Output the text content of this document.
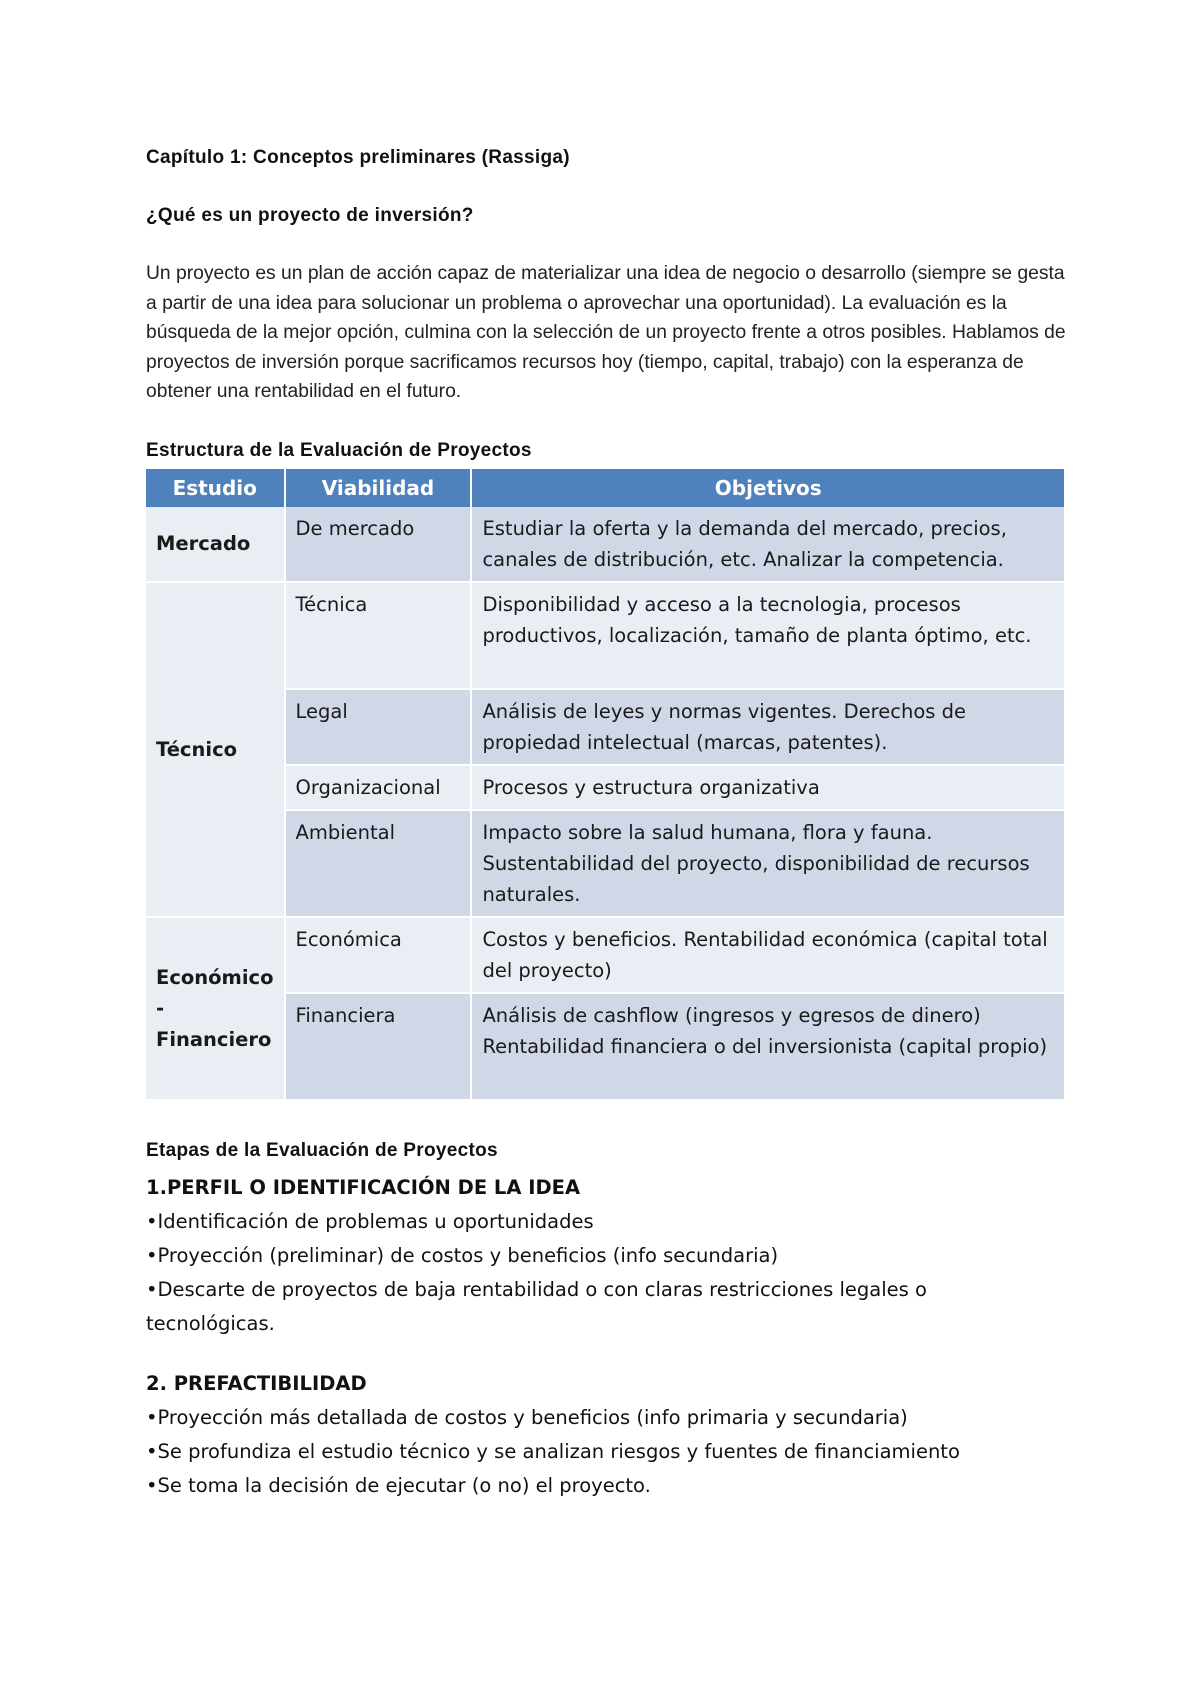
Capítulo 1: Conceptos preliminares (Rassiga)
¿Qué es un proyecto de inversión?

Un proyecto es un plan de acción capaz de materializar una idea de negocio o desarrollo (siempre se gesta a partir de una idea para solucionar un problema o aprovechar una oportunidad). La evaluación es la búsqueda de la mejor opción, culmina con la selección de un proyecto frente a otros posibles. Hablamos de proyectos de inversión porque sacrificamos recursos hoy (tiempo, capital, trabajo) con la esperanza de obtener una rentabilidad en el futuro.

Estructura de la Evaluación de Proyectos
Estudio	Viabilidad	Objetivos
Mercado	De mercado	Estudiar la oferta y la demanda del mercado, precios, canales de distribución, etc. Analizar la competencia.
Técnico	Técnica	Disponibilidad y acceso a la tecnologia, procesos productivos, localización, tamaño de planta óptimo, etc.
	Legal	Análisis de leyes y normas vigentes. Derechos de propiedad intelectual (marcas, patentes).
	Organizacional	Procesos y estructura organizativa
	Ambiental	Impacto sobre la salud humana, flora y fauna. Sustentabilidad del proyecto, disponibilidad de recursos naturales.
Económico - Financiero	Económica	Costos y beneficios. Rentabilidad económica (capital total del proyecto)
	Financiera	Análisis de cashflow (ingresos y egresos de dinero) Rentabilidad financiera o del inversionista (capital propio)
Etapas de la Evaluación de Proyectos

1.PERFIL O IDENTIFICACIÓN DE LA IDEA

•Identificación de problemas u oportunidades

•Proyección (preliminar) de costos y beneficios (info secundaria)

•Descarte de proyectos de baja rentabilidad o con claras restricciones legales o tecnológicas.

2. PREFACTIBILIDAD

•Proyección más detallada de costos y beneficios (info primaria y secundaria)

•Se profundiza el estudio técnico y se analizan riesgos y fuentes de financiamiento

•Se toma la decisión de ejecutar (o no) el proyecto.
